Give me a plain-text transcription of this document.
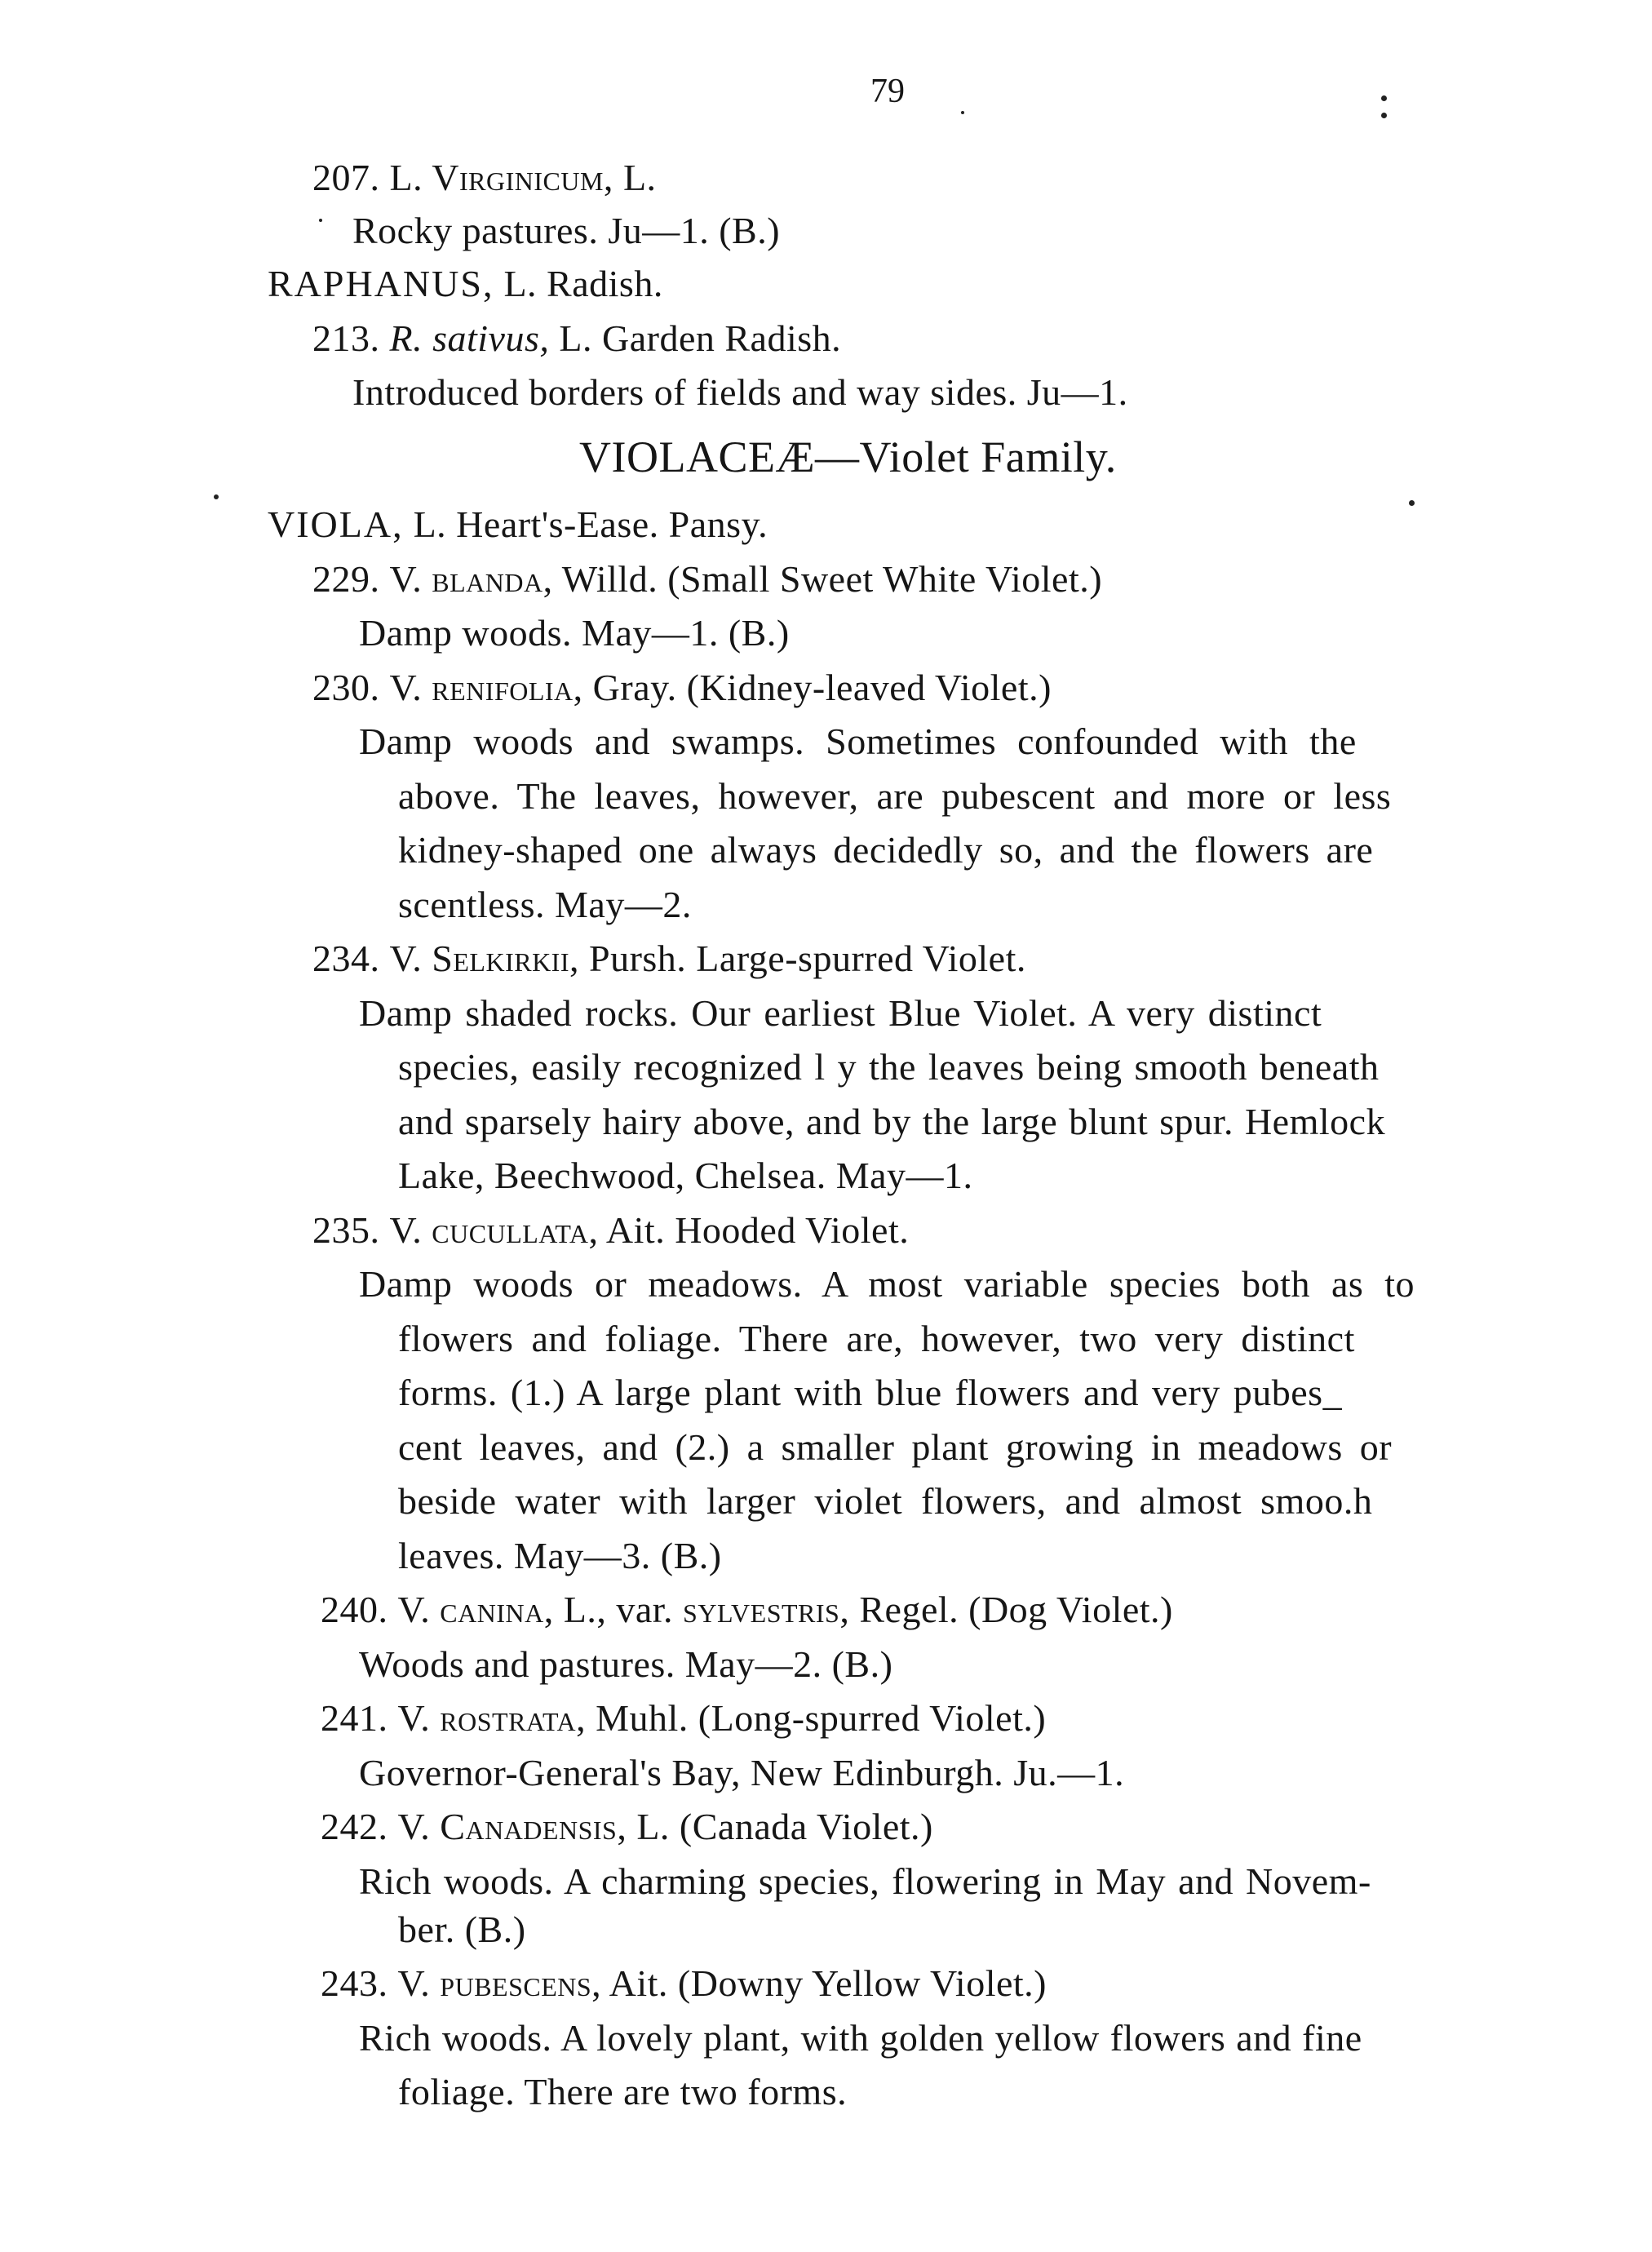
79
207. L. Virginicum, L.
Rocky pastures. Ju—1. (B.)
RAPHANUS, L. Radish.
213. R. sativus, L. Garden Radish.
Introduced borders of fields and way sides. Ju—1.
VIOLACEÆ—Violet Family.
VIOLA, L. Heart's-Ease. Pansy.
229. V. blanda, Willd. (Small Sweet White Violet.)
Damp woods. May—1. (B.)
230. V. renifolia, Gray. (Kidney-leaved Violet.)
Damp woods and swamps. Sometimes confounded with the
above. The leaves, however, are pubescent and more or less
kidney-shaped one always decidedly so, and the flowers are
scentless. May—2.
234. V. Selkirkii, Pursh. Large-spurred Violet.
Damp shaded rocks. Our earliest Blue Violet. A very distinct
species, easily recognized l y the leaves being smooth beneath
and sparsely hairy above, and by the large blunt spur. Hemlock
Lake, Beechwood, Chelsea. May—1.
235. V. cucullata, Ait. Hooded Violet.
Damp woods or meadows. A most variable species both as to
flowers and foliage. There are, however, two very distinct
forms. (1.) A large plant with blue flowers and very pubes_
cent leaves, and (2.) a smaller plant growing in meadows or
beside water with larger violet flowers, and almost smoo.h
leaves. May—3. (B.)
240. V. canina, L., var. sylvestris, Regel. (Dog Violet.)
Woods and pastures. May—2. (B.)
241. V. rostrata, Muhl. (Long-spurred Violet.)
Governor-General's Bay, New Edinburgh. Ju.—1.
242. V. Canadensis, L. (Canada Violet.)
Rich woods. A charming species, flowering in May and Novem-
ber. (B.)
243. V. pubescens, Ait. (Downy Yellow Violet.)
Rich woods. A lovely plant, with golden yellow flowers and fine
foliage. There are two forms.
